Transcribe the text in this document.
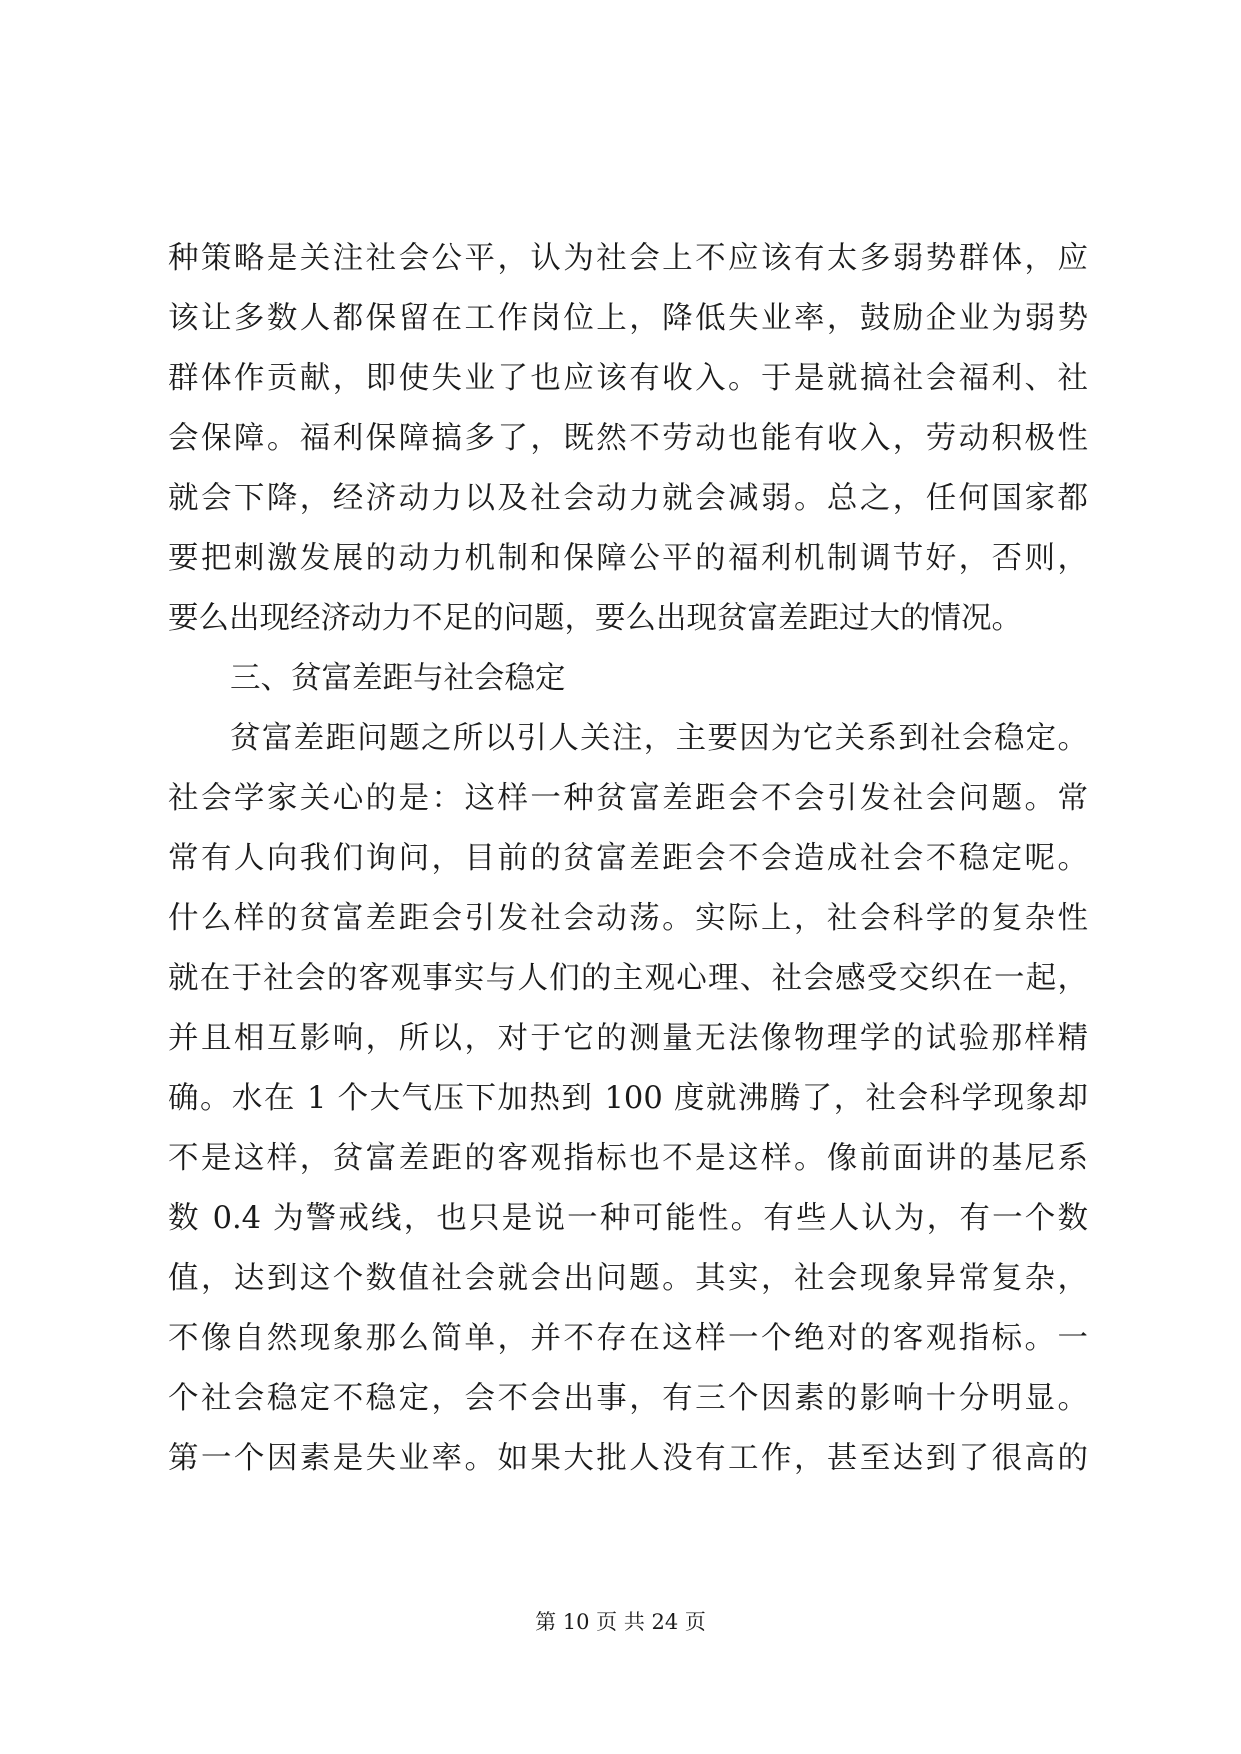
种策略是关注社会公平，认为社会上不应该有太多弱势群体，应
该让多数人都保留在工作岗位上，降低失业率，鼓励企业为弱势
群体作贡献，即使失业了也应该有收入。于是就搞社会福利、社
会保障。福利保障搞多了，既然不劳动也能有收入，劳动积极性
就会下降，经济动力以及社会动力就会减弱。总之，任何国家都
要把刺激发展的动力机制和保障公平的福利机制调节好，否则，
要么出现经济动力不足的问题，要么出现贫富差距过大的情况。
三、贫富差距与社会稳定
贫富差距问题之所以引人关注，主要因为它关系到社会稳定。
社会学家关心的是：这样一种贫富差距会不会引发社会问题。常
常有人向我们询问，目前的贫富差距会不会造成社会不稳定呢。
什么样的贫富差距会引发社会动荡。实际上，社会科学的复杂性
就在于社会的客观事实与人们的主观心理、社会感受交织在一起，
并且相互影响，所以，对于它的测量无法像物理学的试验那样精
确。水在 1 个大气压下加热到 100 度就沸腾了，社会科学现象却
不是这样，贫富差距的客观指标也不是这样。像前面讲的基尼系
数 0.4 为警戒线，也只是说一种可能性。有些人认为，有一个数
值，达到这个数值社会就会出问题。其实，社会现象异常复杂，
不像自然现象那么简单，并不存在这样一个绝对的客观指标。一
个社会稳定不稳定，会不会出事，有三个因素的影响十分明显。
第一个因素是失业率。如果大批人没有工作，甚至达到了很高的
第 10 页 共 24 页
